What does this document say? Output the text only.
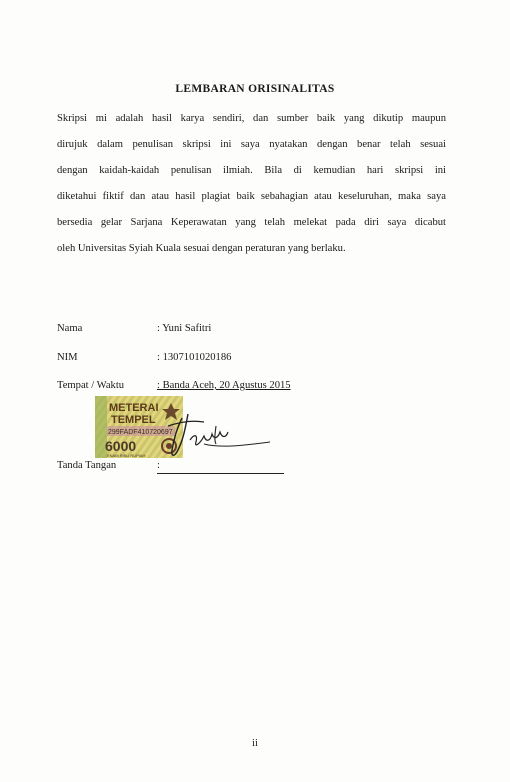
LEMBARAN ORISINALITAS
Skripsi mi adalah hasil karya sendiri, dan sumber baik yang dikutip maupun
dirujuk dalam penulisan skripsi ini saya nyatakan dengan benar telah sesuai
dengan kaidah-kaidah penulisan ilmiah. Bila di kemudian hari skripsi ini
diketahui fiktif dan atau hasil plagiat baik sebahagian atau keseluruhan, maka saya
bersedia gelar Sarjana Keperawatan yang telah melekat pada diri saya dicabut
oleh Universitas Syiah Kuala sesuai dengan peraturan yang berlaku.
Nama	: Yuni Safitri
NIM	: 1307101020186
Tempat / Waktu	: Banda Aceh, 20 Agustus 2015
METERAI
TEMPEL
299FADF410720697
6000
ENAM RIBU RUPIAH
Tanda Tangan	:
ii
